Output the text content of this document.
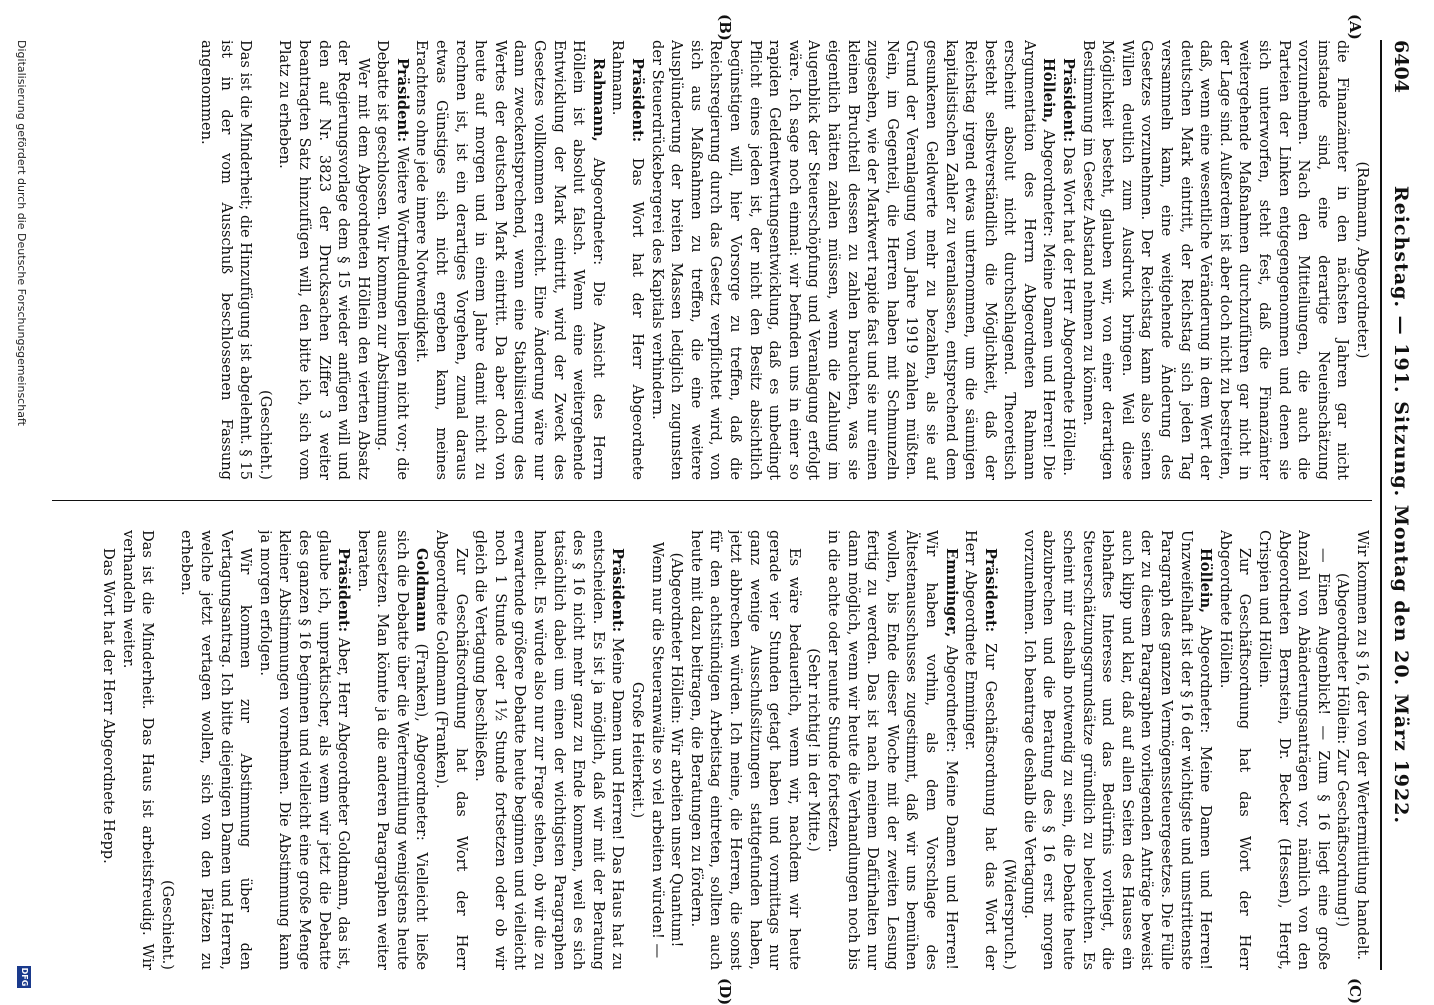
Reichstag. — 191. Sitzung. Montag den 20. März 1922.
6404
(A)
(B)
(C)
(D)

(Rahmann, Abgeordneter.)

die Finanzämter in den nächsten Jahren gar nicht imstande sind, eine derartige Neueinschätzung vorzunehmen. Nach den Mitteilungen, die auch die Parteien der Linken entgegengenommen und denen sie sich unterworfen, steht fest, daß die Finanzämter weitergehende Maßnahmen durchzuführen gar nicht in der Lage sind. Außerdem ist aber doch nicht zu bestreiten, daß, wenn eine wesentliche Veränderung in dem Wert der deutschen Mark eintritt, der Reichstag sich jeden Tag versammeln kann, eine weitgehende Änderung des Gesetzes vorzunehmen. Der Reichstag kann also seinen Willen deutlich zum Ausdruck bringen. Weil diese Möglichkeit besteht, glauben wir, von einer derartigen Bestimmung im Gesetz Abstand nehmen zu können.

Präsident: Das Wort hat der Herr Abgeordnete Höllein.

Höllein, Abgeordneter: Meine Damen und Herren! Die Argumentation des Herrn Abgeordneten Rahmann erscheint absolut nicht durchschlagend. Theoretisch besteht selbstverständlich die Möglichkeit, daß der Reichstag irgend etwas unternommen, um die säumigen kapitalistischen Zahler zu veranlassen, entsprechend dem gesunkenen Geldwerte mehr zu bezahlen, als sie auf Grund der Veranlagung vom Jahre 1919 zahlen müßten. Nein, im Gegenteil, die Herren haben mit Schmunzeln zugesehen, wie der Markwert rapide fast und sie nur einen kleinen Bruchteil dessen zu zahlen brauchten, was sie eigentlich hätten zahlen müssen, wenn die Zahlung im Augenblick der Steuerschöpfung und Veranlagung erfolgt wäre. Ich sage noch einmal: wir befinden uns in einer so rapiden Geldentwertungsentwicklung, daß es unbedingt Pflicht eines jeden ist, der nicht den Besitz absichtlich begünstigen will, hier Vorsorge zu treffen, daß die Reichsregierung durch das Gesetz verpflichtet wird, von sich aus Maßnahmen zu treffen, die eine weitere Ausplünderung der breiten Massen lediglich zugunsten der Steuerdrückebergerei des Kapitals verhindern.

Präsident: Das Wort hat der Herr Abgeordnete Rahmann.

Rahmann, Abgeordneter: Die Ansicht des Herrn Höllein ist absolut falsch. Wenn eine weitergehende Entwicklung der Mark eintritt, wird der Zweck des Gesetzes vollkommen erreicht. Eine Änderung wäre nur dann zweckentsprechend, wenn eine Stabilisierung des Wertes der deutschen Mark eintritt. Da aber doch von heute auf morgen und in einem Jahre damit nicht zu rechnen ist, ist ein derartiges Vorgehen, zumal daraus etwas Günstiges sich nicht ergeben kann, meines Erachtens ohne jede innere Notwendigkeit.

Präsident: Weitere Wortmeldungen liegen nicht vor; die Debatte ist geschlossen. Wir kommen zur Abstimmung.

Wer mit dem Abgeordneten Höllein den vierten Absatz der Regierungsvorlage dem § 15 wieder anfügen will und den auf Nr. 3823 der Drucksachen Ziffer 3 weiter beantragten Satz hinzufügen will, den bitte ich, sich vom Platz zu erheben.

(Geschieht.)

Das ist die Minderheit; die Hinzufügung ist abgelehnt. § 15 ist in der vom Ausschuß beschlossenen Fassung angenommen.

Wir kommen zu § 16, der von der Wertermittlung handelt.

(Abgeordneter Höllein: Zur Geschäftsordnung!)

— Einen Augenblick! — Zum § 16 liegt eine große Anzahl von Abänderungsanträgen vor, nämlich von den Abgeordneten Bernstein, Dr. Becker (Hessen), Hergt, Crispien und Höllein.

Zur Geschäftsordnung hat das Wort der Herr Abgeordnete Höllein.

Höllein, Abgeordneter: Meine Damen und Herren! Unzweifelhaft ist der § 16 der wichtigste und umstrittenste Paragraph des ganzen Vermögenssteuergesetzes. Die Fülle der zu diesem Paragraphen vorliegenden Anträge beweist auch klipp und klar, daß auf allen Seiten des Hauses ein lebhaftes Interesse und das Bedürfnis vorliegt, die Steuerschätzungsgrundsätze gründlich zu beleuchten. Es scheint mir deshalb notwendig zu sein, die Debatte heute abzubrechen und die Beratung des § 16 erst morgen vorzunehmen. Ich beantrage deshalb die Vertagung.

(Widerspruch.)

Präsident: Zur Geschäftsordnung hat das Wort der Herr Abgeordnete Emminger.

Emminger, Abgeordneter: Meine Damen und Herren! Wir haben vorhin, als dem Vorschlage des Ältestenausschusses zugestimmt, daß wir uns bemühen wollen, bis Ende dieser Woche mit der zweiten Lesung fertig zu werden. Das ist nach meinem Dafürhalten nur dann möglich, wenn wir heute die Verhandlungen noch bis in die achte oder neunte Stunde fortsetzen.

(Sehr richtig! in der Mitte.)

Es wäre bedauerlich, wenn wir, nachdem wir heute gerade vier Stunden getagt haben und vormittags nur ganz wenige Ausschußsitzungen stattgefunden haben, jetzt abbrechen würden. Ich meine, die Herren, die sonst für den achtstündigen Arbeitstag eintreten, sollten auch heute mit dazu beitragen, die Beratungen zu fördern.

(Abgeordneter Höllein: Wir arbeiten unser Quantum! Wenn nur die Steueranwälte so viel arbeiten würden! — Große Heiterkeit.)

Präsident: Meine Damen und Herren! Das Haus hat zu entscheiden. Es ist ja möglich, daß wir mit der Beratung des § 16 nicht mehr ganz zu Ende kommen, weil es sich tatsächlich dabei um einen der wichtigsten Paragraphen handelt. Es würde also nur zur Frage stehen, ob wir die zu erwartende größere Debatte heute beginnen und vielleicht noch 1 Stunde oder 1½ Stunde fortsetzen oder ob wir gleich die Vertagung beschließen.

Zur Geschäftsordnung hat das Wort der Herr Abgeordnete Goldmann (Franken).

Goldmann (Franken), Abgeordneter: Vielleicht ließe sich die Debatte über die Wertermittlung wenigstens heute aussetzen. Man könnte ja die anderen Paragraphen weiter beraten.

Präsident: Aber, Herr Abgeordneter Goldmann, das ist, glaube ich, unpraktischer, als wenn wir jetzt die Debatte des ganzen § 16 beginnen und vielleicht eine große Menge kleiner Abstimmungen vornehmen. Die Abstimmung kann ja morgen erfolgen.

Wir kommen zur Abstimmung über den Vertagungsantrag. Ich bitte diejenigen Damen und Herren, welche jetzt vertagen wollen, sich von den Plätzen zu erheben.

(Geschieht.)

Das ist die Minderheit. Das Haus ist arbeitsfreudig. Wir verhandeln weiter.

Das Wort hat der Herr Abgeordnete Hepp.

Digitalisierung gefördert durch die Deutsche Forschungsgemeinschaft
DFG
